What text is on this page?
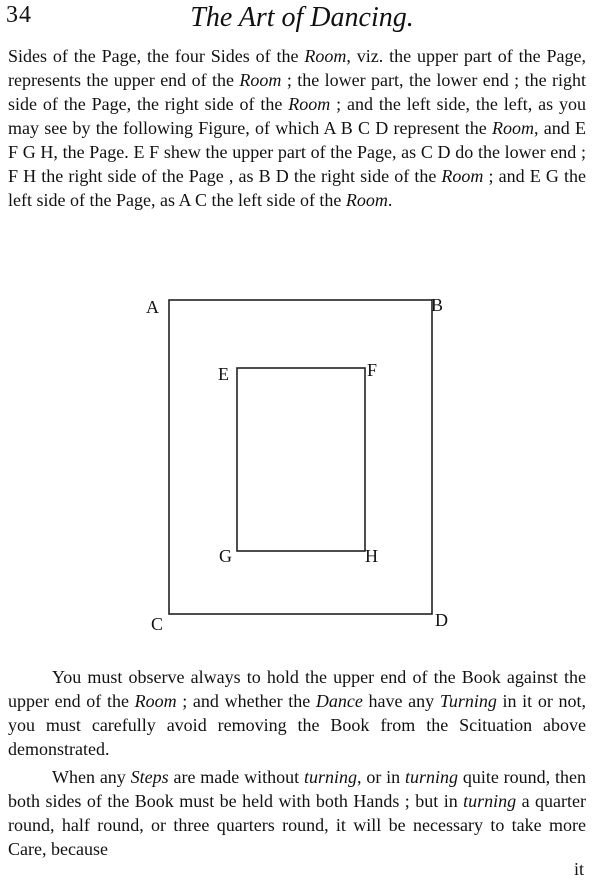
34	The Art of Dancing.

Sides of the Page, the four Sides of the Room, viz. the upper part of the Page, represents the upper end of the Room ; the lower part, the lower end ; the right side of the Page, the right side of the Room ; and the left side, the left, as you may see by the following Figure, of which A B C D represent the Room, and E F G H, the Page. E F shew the upper part of the Page, as C D do the lower end ; F H the right side of the Page , as B D the right side of the Room ; and E G the left side of the Page, as A C the left side of the Room.

A	B
C	D
E	F
G	H

You must observe always to hold the upper end of the Book against the upper end of the Room ; and whether the Dance have any Turning in it or not, you must carefully avoid removing the Book from the Scituation above demonstrated.

When any Steps are made without turning, or in turning quite round, then both sides of the Book must be held with both Hands ; but in turning a quarter round, half round, or three quarters round, it will be necessary to take more Care, because

it
